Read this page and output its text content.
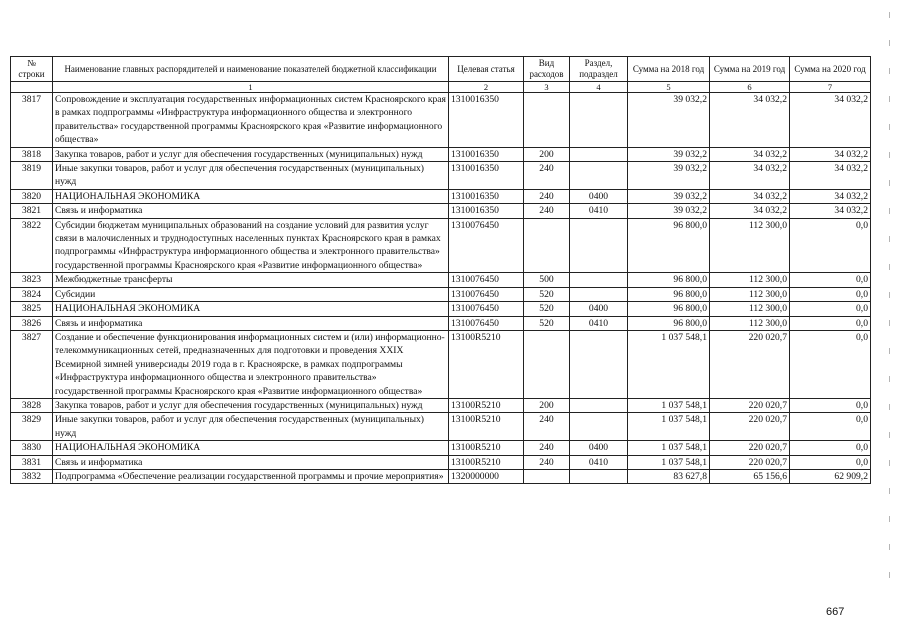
№ строки	Наименование главных распорядителей и наименование показателей бюджетной классификации	Целевая статья	Вид расходов	Раздел, подраздел	Сумма на 2018 год	Сумма на 2019 год	Сумма на 2020 год
	1	2	3	4	5	6	7
3817	Сопровождение и эксплуатация государственных информационных систем Красноярского края в рамках подпрограммы «Инфраструктура информационного общества и электронного правительства» государственной программы Красноярского края «Развитие информационного общества»	1310016350			39 032,2	34 032,2	34 032,2
3818	Закупка товаров, работ и услуг для обеспечения государственных (муниципальных) нужд	1310016350	200		39 032,2	34 032,2	34 032,2
3819	Иные закупки товаров, работ и услуг для обеспечения государственных (муниципальных) нужд	1310016350	240		39 032,2	34 032,2	34 032,2
3820	НАЦИОНАЛЬНАЯ ЭКОНОМИКА	1310016350	240	0400	39 032,2	34 032,2	34 032,2
3821	Связь и информатика	1310016350	240	0410	39 032,2	34 032,2	34 032,2
3822	Субсидии бюджетам муниципальных образований на создание условий для развития услуг связи в малочисленных и труднодоступных населенных пунктах Красноярского края в рамках подпрограммы «Инфраструктура информационного общества и электронного правительства» государственной программы Красноярского края «Развитие информационного общества»	1310076450			96 800,0	112 300,0	0,0
3823	Межбюджетные трансферты	1310076450	500		96 800,0	112 300,0	0,0
3824	Субсидии	1310076450	520		96 800,0	112 300,0	0,0
3825	НАЦИОНАЛЬНАЯ ЭКОНОМИКА	1310076450	520	0400	96 800,0	112 300,0	0,0
3826	Связь и информатика	1310076450	520	0410	96 800,0	112 300,0	0,0
3827	Создание и обеспечение функционирования информационных систем и (или) информационно-телекоммуникационных сетей, предназначенных для подготовки и проведения XXIX Всемирной зимней универсиады 2019 года в г. Красноярске, в рамках подпрограммы «Инфраструктура информационного общества и электронного правительства» государственной программы Красноярского края «Развитие информационного общества»	13100R5210			1 037 548,1	220 020,7	0,0
3828	Закупка товаров, работ и услуг для обеспечения государственных (муниципальных) нужд	13100R5210	200		1 037 548,1	220 020,7	0,0
3829	Иные закупки товаров, работ и услуг для обеспечения государственных (муниципальных) нужд	13100R5210	240		1 037 548,1	220 020,7	0,0
3830	НАЦИОНАЛЬНАЯ ЭКОНОМИКА	13100R5210	240	0400	1 037 548,1	220 020,7	0,0
3831	Связь и информатика	13100R5210	240	0410	1 037 548,1	220 020,7	0,0
3832	Подпрограмма «Обеспечение реализации государственной программы и прочие мероприятия»	1320000000			83 627,8	65 156,6	62 909,2
667
